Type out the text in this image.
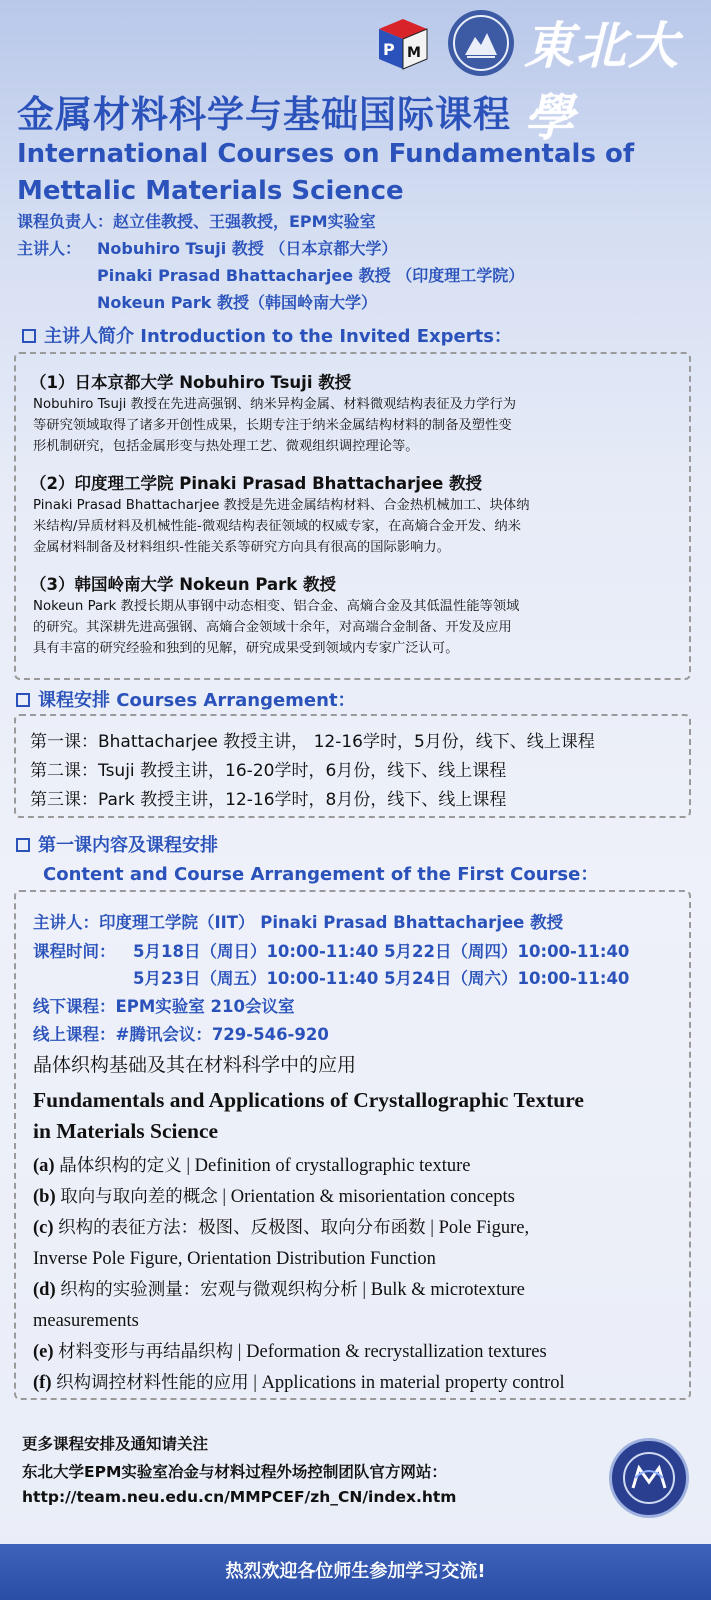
P M 東北大學
金属材料科学与基础国际课程
International Courses on Fundamentals of
Mettalic Materials Science
课程负责人：赵立佳教授、王强教授，EPM实验室
主讲人： Nobuhiro Tsuji 教授 （日本京都大学）
Pinaki Prasad Bhattacharjee 教授 （印度理工学院）
Nokeun Park 教授（韩国岭南大学）
主讲人简介 Introduction to the Invited Experts：
（1）日本京都大学 Nobuhiro Tsuji 教授
Nobuhiro Tsuji 教授在先进高强钢、纳米异构金属、材料微观结构表征及力学行为
等研究领域取得了诸多开创性成果，长期专注于纳米金属结构材料的制备及塑性变
形机制研究，包括金属形变与热处理工艺、微观组织调控理论等。
（2）印度理工学院 Pinaki Prasad Bhattacharjee 教授
Pinaki Prasad Bhattacharjee 教授是先进金属结构材料、合金热机械加工、块体纳
米结构/异质材料及机械性能-微观结构表征领域的权威专家，在高熵合金开发、纳米
金属材料制备及材料组织-性能关系等研究方向具有很高的国际影响力。
（3）韩国岭南大学 Nokeun Park 教授
Nokeun Park 教授长期从事钢中动态相变、铝合金、高熵合金及其低温性能等领域
的研究。其深耕先进高强钢、高熵合金领域十余年，对高端合金制备、开发及应用
具有丰富的研究经验和独到的见解，研究成果受到领域内专家广泛认可。
课程安排 Courses Arrangement：
第一课：Bhattacharjee 教授主讲， 12-16学时，5月份，线下、线上课程
第二课：Tsuji 教授主讲，16-20学时，6月份，线下、线上课程
第三课：Park 教授主讲，12-16学时，8月份，线下、线上课程
第一课内容及课程安排
Content and Course Arrangement of the First Course：
主讲人：印度理工学院（IIT） Pinaki Prasad Bhattacharjee 教授
课程时间： 5月18日（周日）10:00-11:40 5月22日（周四）10:00-11:40
5月23日（周五）10:00-11:40 5月24日（周六）10:00-11:40
线下课程：EPM实验室 210会议室
线上课程：#腾讯会议：729-546-920
晶体织构基础及其在材料科学中的应用
Fundamentals and Applications of Crystallographic Texture
in Materials Science
(a) 晶体织构的定义 | Definition of crystallographic texture
(b) 取向与取向差的概念 | Orientation & misorientation concepts
(c) 织构的表征方法：极图、反极图、取向分布函数 | Pole Figure,
Inverse Pole Figure, Orientation Distribution Function
(d) 织构的实验测量：宏观与微观织构分析 | Bulk & microtexture
measurements
(e) 材料变形与再结晶织构 | Deformation & recrystallization textures
(f) 织构调控材料性能的应用 | Applications in material property control
更多课程安排及通知请关注
东北大学EPM实验室冶金与材料过程外场控制团队官方网站：
http://team.neu.edu.cn/MMPCEF/zh_CN/index.htm
热烈欢迎各位师生参加学习交流!
